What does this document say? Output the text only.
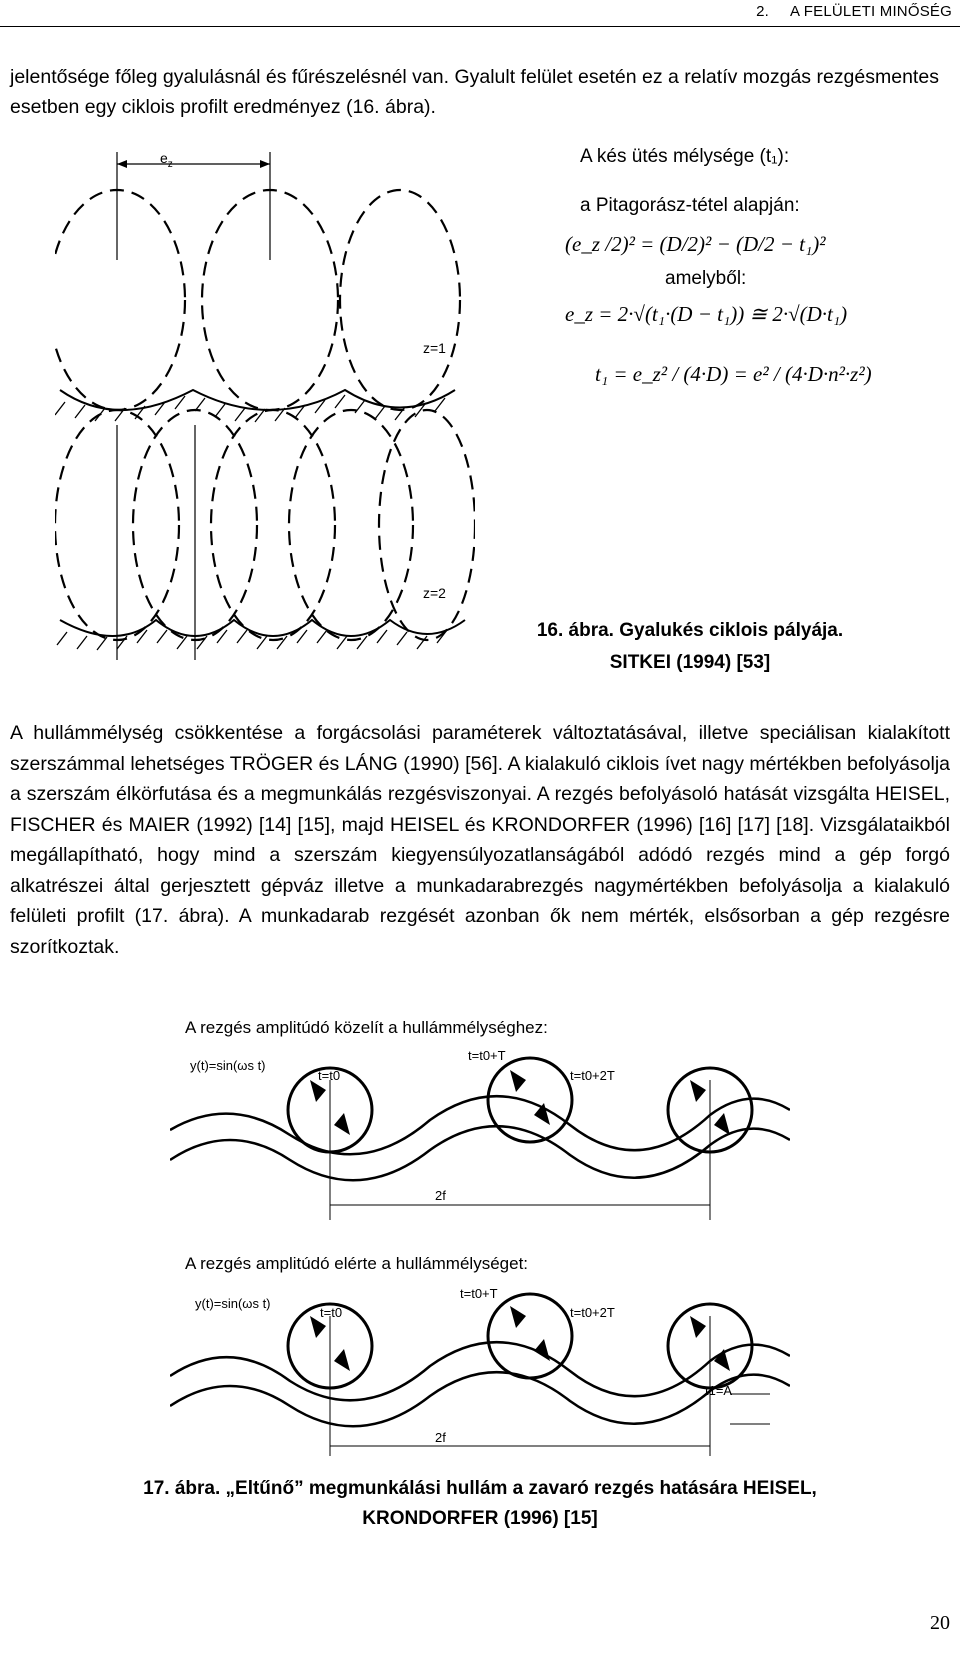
2. A FELÜLETI MINŐSÉG
jelentősége főleg gyalulásnál és fűrészelésnél van. Gyalult felület esetén ez a relatív mozgás rezgésmentes esetben egy ciklois profilt eredményez (16. ábra).
$e_z$
z=1
z=2
A kés ütés mélysége (t₁):
a Pitagorász-tétel alapján:
(e_z /2)² = (D/2)² − (D/2 − t₁)²
amelyből:
e_z = 2·√(t₁·(D − t₁)) ≅ 2·√(D·t₁)
t₁ = e_z² / (4·D) = e² / (4·D·n²·z²)
16. ábra. Gyalukés ciklois pályája.
SITKEI (1994) [53]
A hullámmélység csökkentése a forgácsolási paraméterek változtatásával, illetve speciálisan kialakított szerszámmal lehetséges TRÖGER és LÁNG (1990) [56]. A kialakuló ciklois ívet nagy mértékben befolyásolja a szerszám élkörfutása és a megmunkálás rezgésviszonyai. A rezgés befolyásoló hatását vizsgálta HEISEL, FISCHER és MAIER (1992) [14] [15], majd HEISEL és KRONDORFER (1996) [16] [17] [18]. Vizsgálataikból megállapítható, hogy mind a szerszám kiegyensúlyozatlanságából adódó rezgés mind a gép forgó alkatrészei által gerjesztett gépváz illetve a munkadarabrezgés nagymértékben befolyásolja a kialakuló felületi profilt (17. ábra). A munkadarab rezgését azonban ők nem mérték, elsősorban a gép rezgésre szorítkoztak.
A rezgés amplitúdó közelít a hullámmélységhez:
y(t)=sin(ωs t)
t=t0
t=t0+T
t=t0+2T
2f
A rezgés amplitúdó elérte a hullámmélységet:
y(t)=sin(ωs t)
t=t0
t=t0+T
t=t0+2T
t1=A
2f
17. ábra. „Eltűnő” megmunkálási hullám a zavaró rezgés hatására HEISEL,
KRONDORFER (1996) [15]
20
